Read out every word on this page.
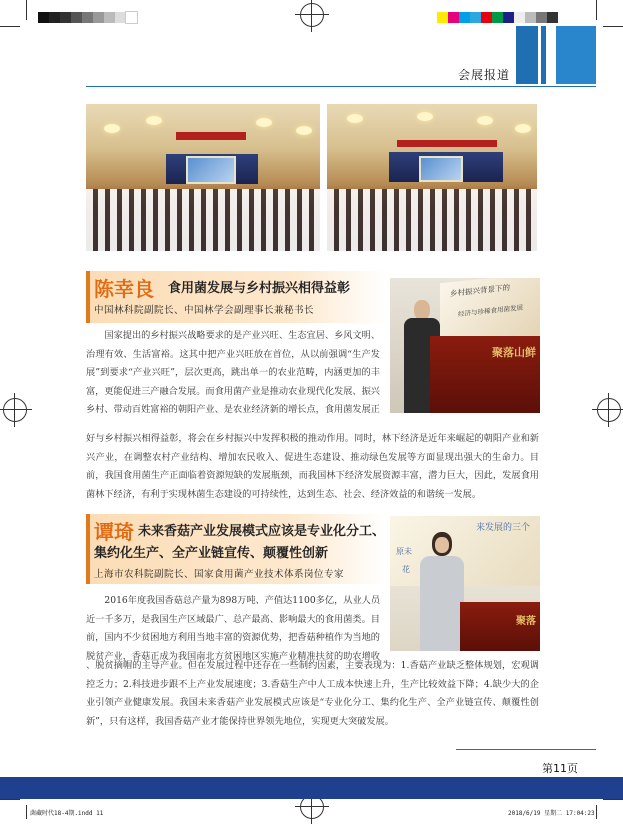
会展报道
陈幸良 食用菌发展与乡村振兴相得益彰
中国林科院副院长、中国林学会副理事长兼秘书长
乡村振兴背景下的
经济与珍稀食用菌发展
聚落山鲜

国家提出的乡村振兴战略要求的是产业兴旺、生态宜居、乡风文明、治理有效、生活富裕。这其中把产业兴旺放在首位，从以前强调“生产发展”到要求“产业兴旺”，层次更高，跳出单一的农业范畴，内涵更加的丰富，更能促进三产融合发展。而食用菌产业是推动农业现代化发展、振兴乡村、带动百姓富裕的朝阳产业、是农业经济新的增长点，食用菌发展正

好与乡村振兴相得益彰，将会在乡村振兴中发挥积极的推动作用。同时，林下经济是近年来崛起的朝阳产业和新兴产业，在调整农村产业结构、增加农民收入、促进生态建设、推动绿色发展等方面显现出强大的生命力。目前，我国食用菌生产正面临着资源短缺的发展瓶颈，而我国林下经济发展资源丰富，潜力巨大，因此，发展食用菌林下经济，有利于实现林菌生态建设的可持续性，达到生态、社会、经济效益的和谐统一发展。

谭琦 未来香菇产业发展模式应该是专业化分工、
集约化生产、全产业链宣传、颠覆性创新
上海市农科院副院长、国家食用菌产业技术体系岗位专家
来发展的三个
原未
花
聚落

2016年度我国香菇总产量为898万吨、产值达1100多亿，从业人员近一千多万，是我国生产区域最广、总产最高、影响最大的食用菌类。目前，国内不少贫困地方利用当地丰富的资源优势，把香菇种植作为当地的脱贫产业，香菇正成为我国南北方贫困地区实施产业精准扶贫的助农增收

、脱贫摘帽的主导产业。但在发展过程中还存在一些制约因素，主要表现为：1.香菇产业缺乏整体规划，宏观调控乏力；2.科技进步跟不上产业发展速度；3.香菇生产中人工成本快速上升，生产比较效益下降；4.缺少大的企业引领产业健康发展。我国未来香菇产业发展模式应该是“专业化分工、集约化生产、全产业链宣传、颠覆性创新”，只有这样，我国香菇产业才能保持世界领先地位，实现更大突破发展。

第11页
菌藏时代18-4期.indd 11	2018/6/19 星期二 17:04:23
